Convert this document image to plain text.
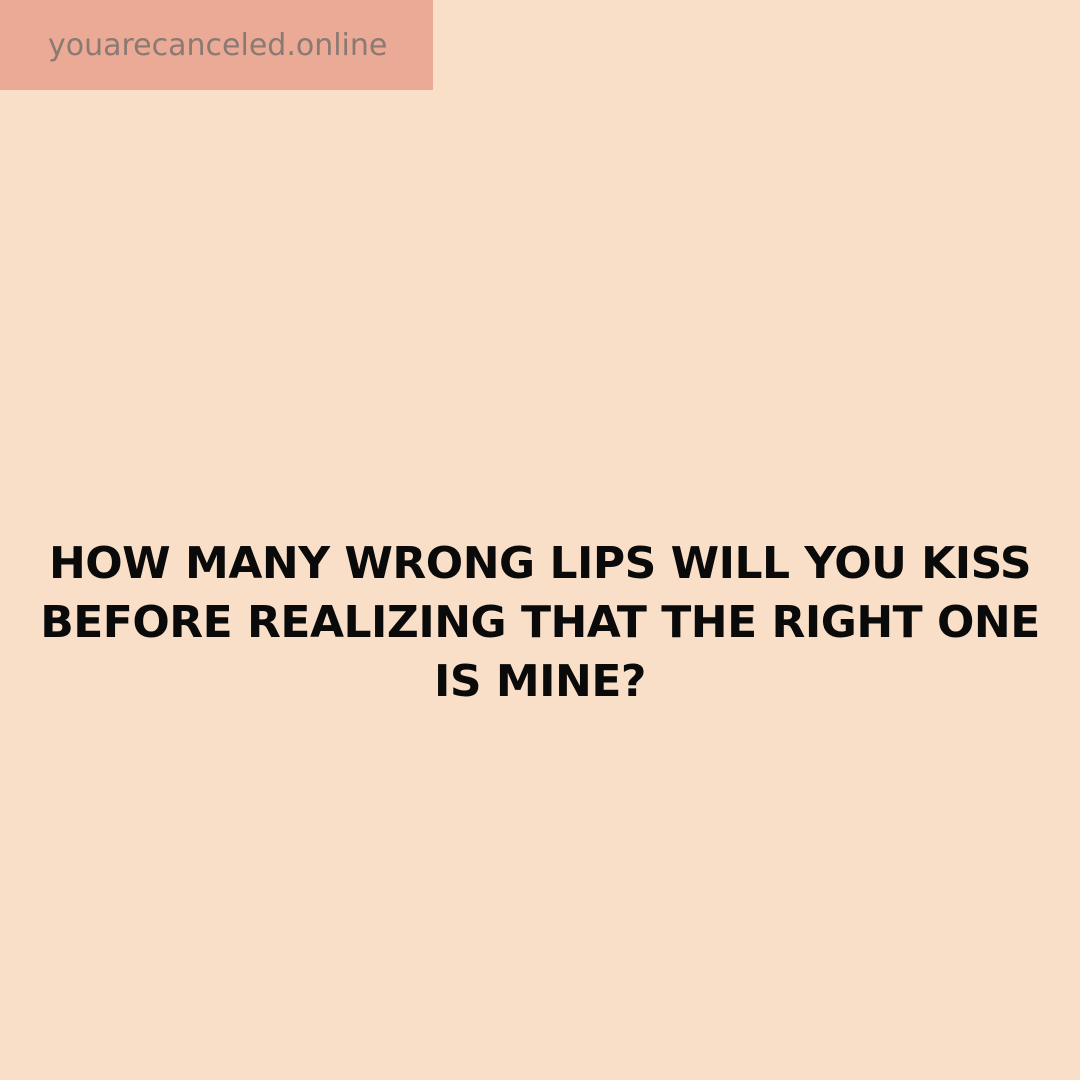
youarecanceled.online

HOW MANY WRONG LIPS WILL YOU KISS BEFORE REALIZING THAT THE RIGHT ONE IS MINE?
